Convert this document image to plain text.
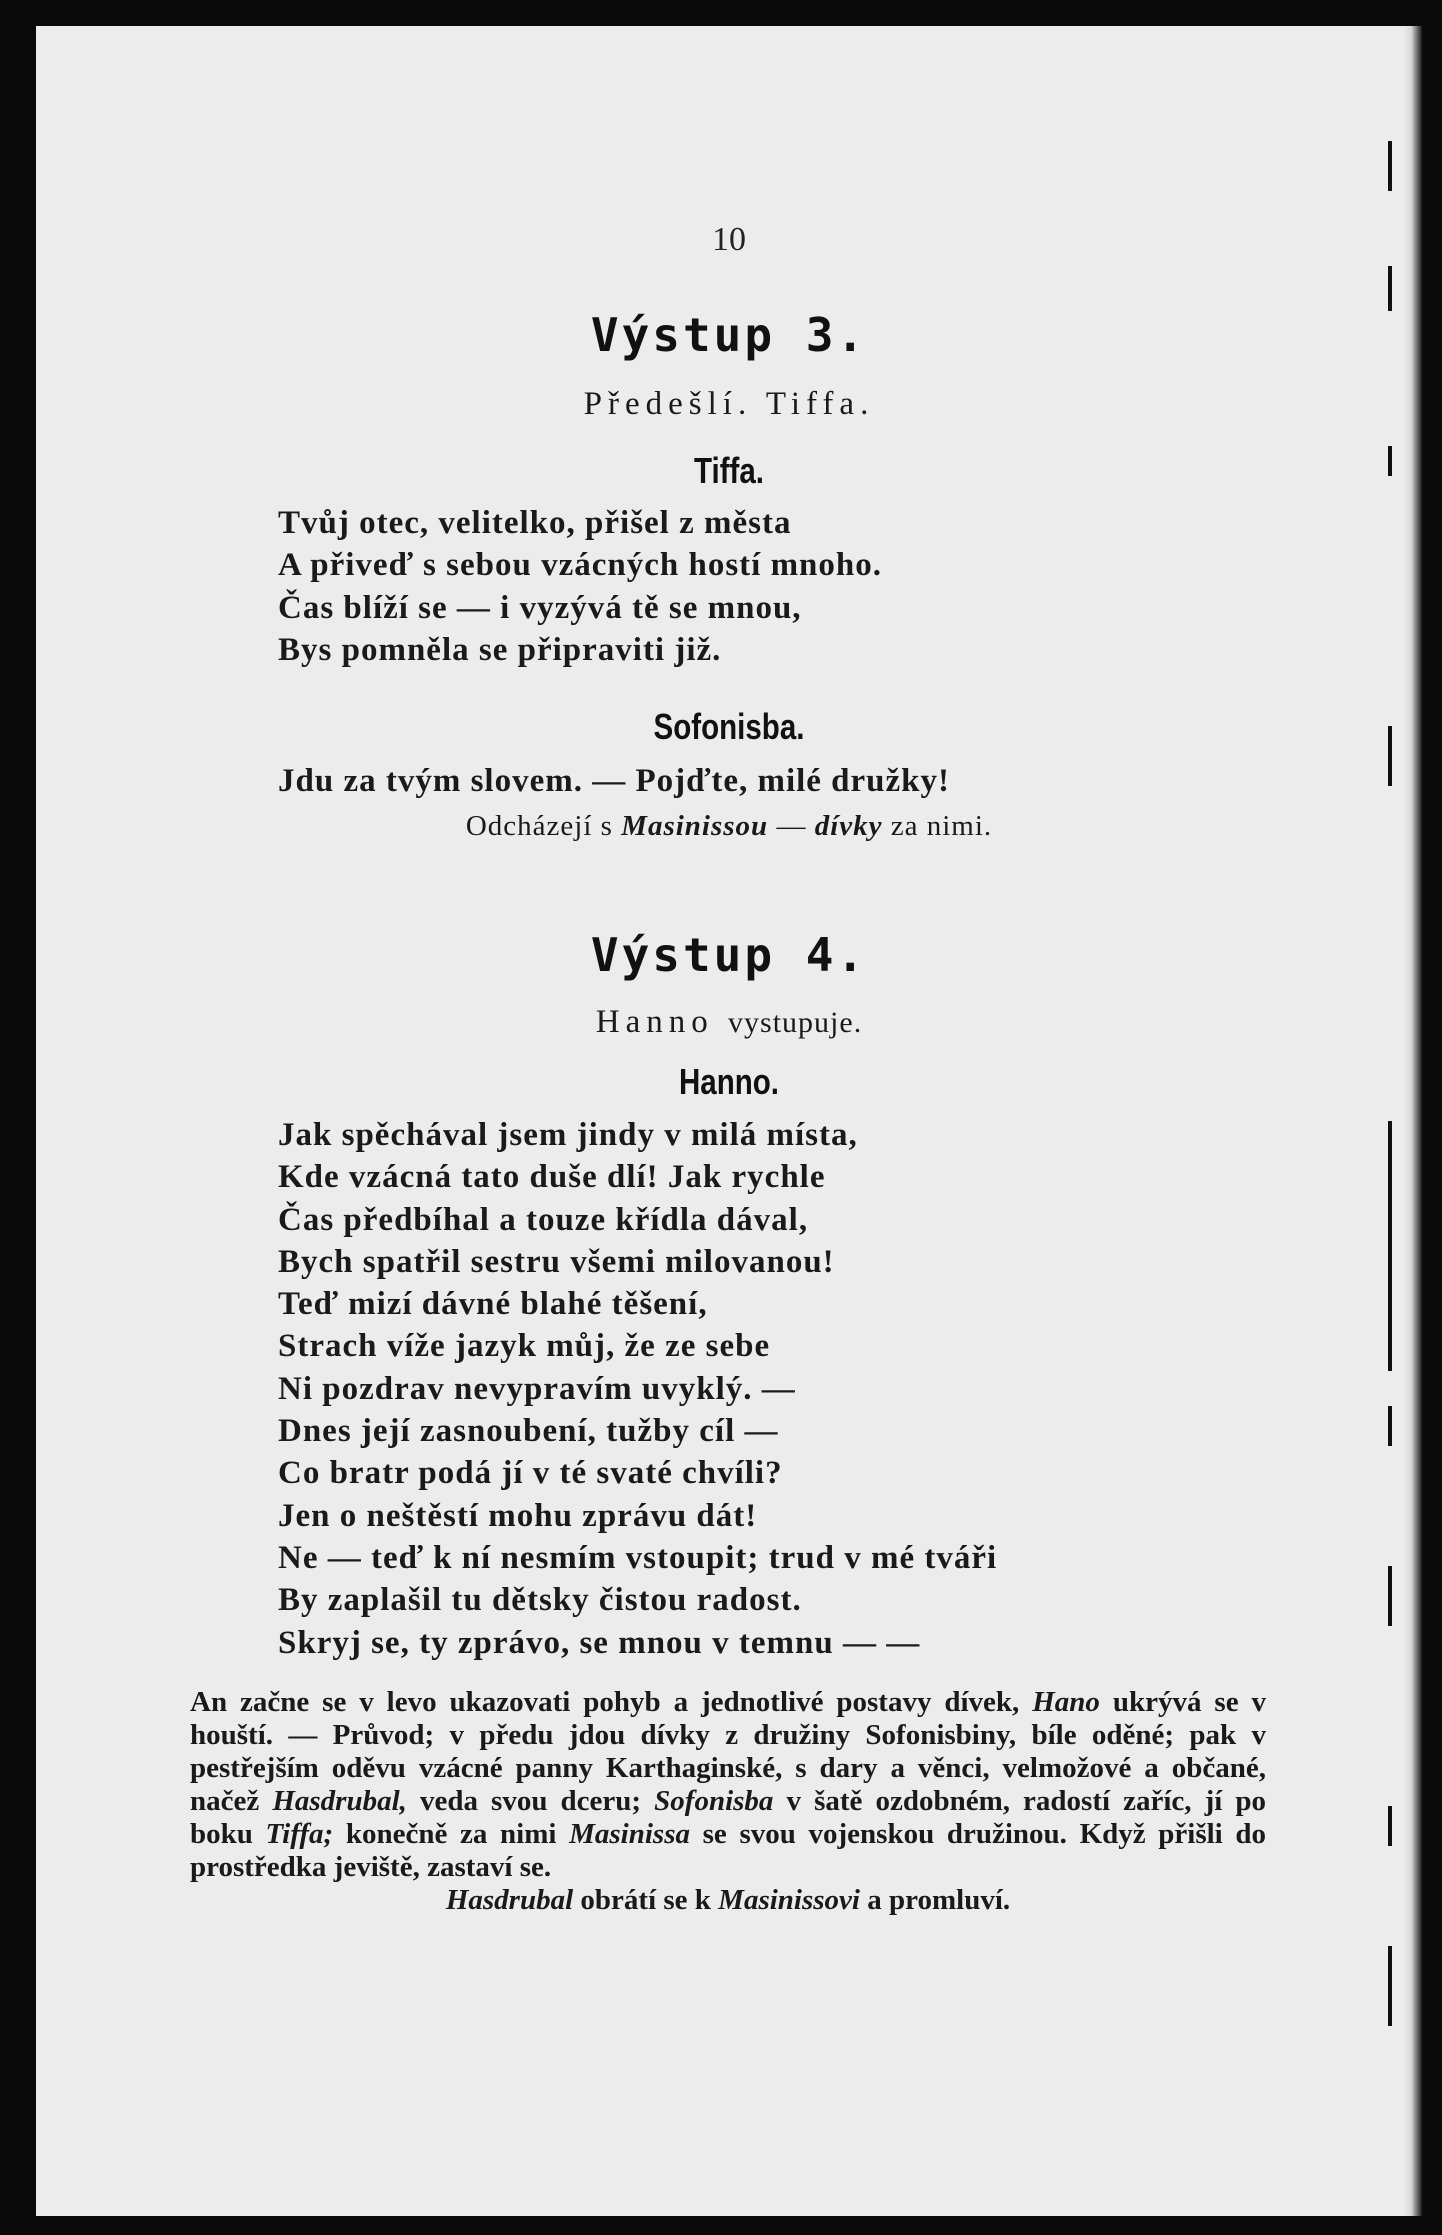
10
Výstup 3.
Předešlí. Tiffa.
Tiffa.
Tvůj otec, velitelko, přišel z města
A přiveď s sebou vzácných hostí mnoho.
Čas blíží se — i vyzývá tě se mnou,
Bys pomněla se připraviti již.
Sofonisba.
Jdu za tvým slovem. — Pojďte, milé družky!
Odcházejí s Masinissou — dívky za nimi.
Výstup 4.
Hanno vystupuje.
Hanno.
Jak spěchával jsem jindy v milá místa,
Kde vzácná tato duše dlí! Jak rychle
Čas předbíhal a touze křídla dával,
Bych spatřil sestru všemi milovanou!
Teď mizí dávné blahé těšení,
Strach víže jazyk můj, že ze sebe
Ni pozdrav nevypravím uvyklý. —
Dnes její zasnoubení, tužby cíl —
Co bratr podá jí v té svaté chvíli?
Jen o neštěstí mohu zprávu dát!
Ne — teď k ní nesmím vstoupit; trud v mé tváři
By zaplašil tu dětsky čistou radost.
Skryj se, ty zprávo, se mnou v temnu — —
An začne se v levo ukazovati pohyb a jednotlivé postavy dívek, Hano ukrývá se v houští. — Průvod; v předu jdou dívky z družiny Sofonisbiny, bíle oděné; pak v pestřejším oděvu vzácné panny Karthaginské, s dary a věnci, velmožové a občané, načež Hasdrubal, veda svou dceru; Sofonisba v šatě ozdobném, radostí zaříc, jí po boku Tiffa; konečně za nimi Masinissa se svou vojenskou družinou. Když přišli do prostředka jeviště, zastaví se.
Hasdrubal obrátí se k Masinissovi a promluví.
